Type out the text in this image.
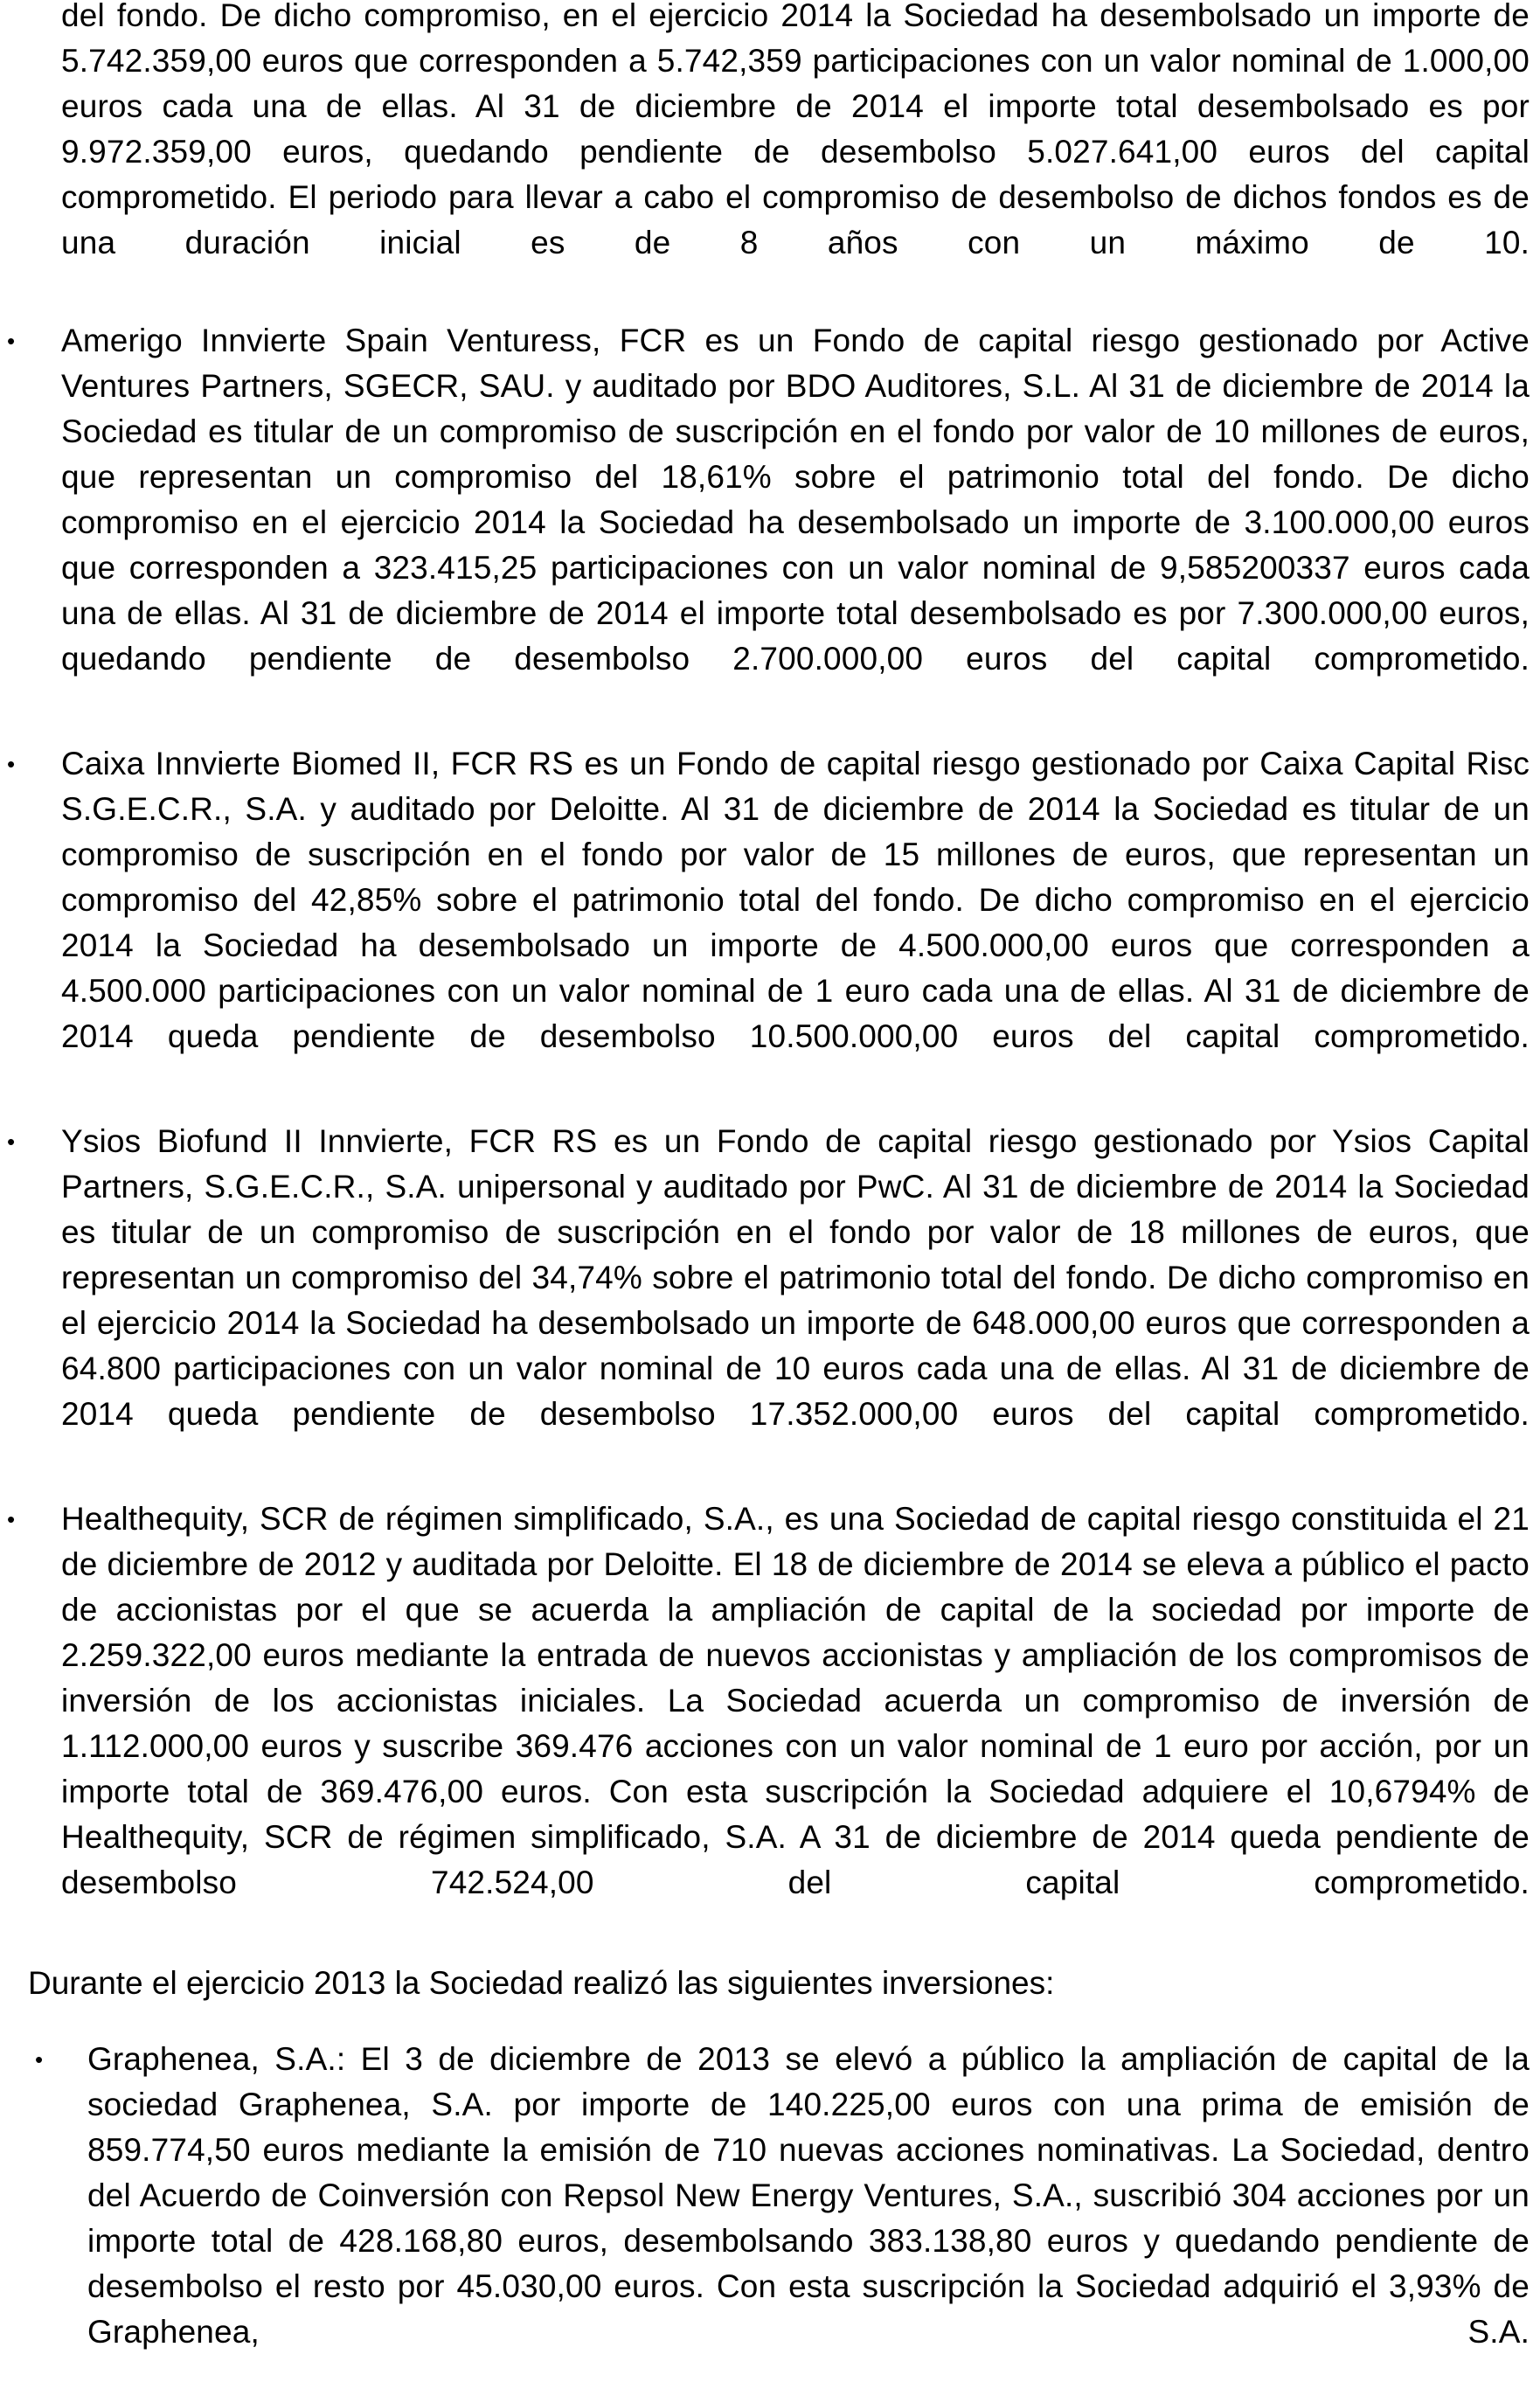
del fondo. De dicho compromiso, en el ejercicio 2014 la Sociedad ha desembolsado un importe de 5.742.359,00 euros que corresponden a 5.742,359 participaciones con un valor nominal de 1.000,00 euros cada una de ellas. Al 31 de diciembre de 2014 el importe total desembolsado es por 9.972.359,00 euros, quedando pendiente de desembolso 5.027.641,00 euros del capital comprometido. El periodo para llevar a cabo el compromiso de desembolso de dichos fondos es de una duración inicial es de 8 años con un máximo de 10.

• Amerigo Innvierte Spain Venturess, FCR es un Fondo de capital riesgo gestionado por Active Ventures Partners, SGECR, SAU. y auditado por BDO Auditores, S.L. Al 31 de diciembre de 2014 la Sociedad es titular de un compromiso de suscripción en el fondo por valor de 10 millones de euros, que representan un compromiso del 18,61% sobre el patrimonio total del fondo. De dicho compromiso en el ejercicio 2014 la Sociedad ha desembolsado un importe de 3.100.000,00 euros que corresponden a 323.415,25 participaciones con un valor nominal de 9,585200337 euros cada una de ellas. Al 31 de diciembre de 2014 el importe total desembolsado es por 7.300.000,00 euros, quedando pendiente de desembolso 2.700.000,00 euros del capital comprometido.

• Caixa Innvierte Biomed II, FCR RS es un Fondo de capital riesgo gestionado por Caixa Capital Risc S.G.E.C.R., S.A. y auditado por Deloitte. Al 31 de diciembre de 2014 la Sociedad es titular de un compromiso de suscripción en el fondo por valor de 15 millones de euros, que representan un compromiso del 42,85% sobre el patrimonio total del fondo. De dicho compromiso en el ejercicio 2014 la Sociedad ha desembolsado un importe de 4.500.000,00 euros que corresponden a 4.500.000 participaciones con un valor nominal de 1 euro cada una de ellas. Al 31 de diciembre de 2014 queda pendiente de desembolso 10.500.000,00 euros del capital comprometido.

• Ysios Biofund II Innvierte, FCR RS es un Fondo de capital riesgo gestionado por Ysios Capital Partners, S.G.E.C.R., S.A. unipersonal y auditado por PwC. Al 31 de diciembre de 2014 la Sociedad es titular de un compromiso de suscripción en el fondo por valor de 18 millones de euros, que representan un compromiso del 34,74% sobre el patrimonio total del fondo. De dicho compromiso en el ejercicio 2014 la Sociedad ha desembolsado un importe de 648.000,00 euros que corresponden a 64.800 participaciones con un valor nominal de 10 euros cada una de ellas. Al 31 de diciembre de 2014 queda pendiente de desembolso 17.352.000,00 euros del capital comprometido.

• Healthequity, SCR de régimen simplificado, S.A., es una Sociedad de capital riesgo constituida el 21 de diciembre de 2012 y auditada por Deloitte. El 18 de diciembre de 2014 se eleva a público el pacto de accionistas por el que se acuerda la ampliación de capital de la sociedad por importe de 2.259.322,00 euros mediante la entrada de nuevos accionistas y ampliación de los compromisos de inversión de los accionistas iniciales. La Sociedad acuerda un compromiso de inversión de 1.112.000,00 euros y suscribe 369.476 acciones con un valor nominal de 1 euro por acción, por un importe total de 369.476,00 euros. Con esta suscripción la Sociedad adquiere el 10,6794% de Healthequity, SCR de régimen simplificado, S.A. A 31 de diciembre de 2014 queda pendiente de desembolso 742.524,00 del capital comprometido.

Durante el ejercicio 2013 la Sociedad realizó las siguientes inversiones:
• Graphenea, S.A.: El 3 de diciembre de 2013 se elevó a público la ampliación de capital de la sociedad Graphenea, S.A. por importe de 140.225,00 euros con una prima de emisión de 859.774,50 euros mediante la emisión de 710 nuevas acciones nominativas. La Sociedad, dentro del Acuerdo de Coinversión con Repsol New Energy Ventures, S.A., suscribió 304 acciones por un importe total de 428.168,80 euros, desembolsando 383.138,80 euros y quedando pendiente de desembolso el resto por 45.030,00 euros. Con esta suscripción la Sociedad adquirió el 3,93% de Graphenea, S.A.
